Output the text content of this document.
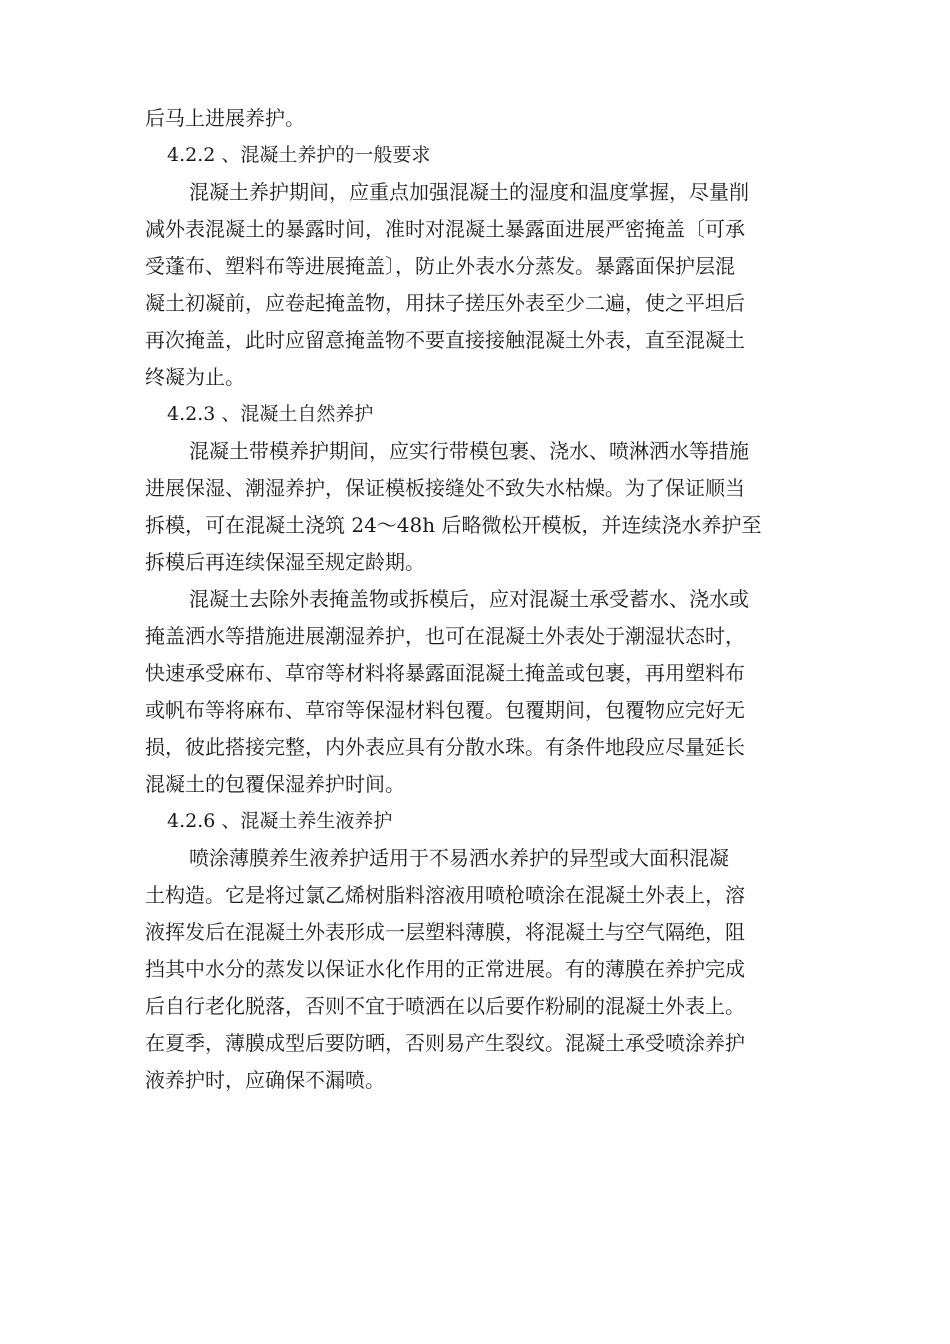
后马上进展养护。
4.2.2 、混凝土养护的一般要求
混凝土养护期间，应重点加强混凝土的湿度和温度掌握，尽量削
减外表混凝土的暴露时间，准时对混凝土暴露面进展严密掩盖〔可承
受蓬布、塑料布等进展掩盖〕，防止外表水分蒸发。暴露面保护层混
凝土初凝前，应卷起掩盖物，用抹子搓压外表至少二遍，使之平坦后
再次掩盖，此时应留意掩盖物不要直接接触混凝土外表，直至混凝土
终凝为止。
4.2.3 、混凝土自然养护
混凝土带模养护期间，应实行带模包裹、浇水、喷淋洒水等措施
进展保湿、潮湿养护，保证模板接缝处不致失水枯燥。为了保证顺当
拆模，可在混凝土浇筑 24～48h 后略微松开模板，并连续浇水养护至
拆模后再连续保湿至规定龄期。
混凝土去除外表掩盖物或拆模后，应对混凝土承受蓄水、浇水或
掩盖洒水等措施进展潮湿养护，也可在混凝土外表处于潮湿状态时，
快速承受麻布、草帘等材料将暴露面混凝土掩盖或包裹，再用塑料布
或帆布等将麻布、草帘等保湿材料包覆。包覆期间，包覆物应完好无
损，彼此搭接完整，内外表应具有分散水珠。有条件地段应尽量延长
混凝土的包覆保湿养护时间。
4.2.6 、混凝土养生液养护
喷涂薄膜养生液养护适用于不易洒水养护的异型或大面积混凝
土构造。它是将过氯乙烯树脂料溶液用喷枪喷涂在混凝土外表上，溶
液挥发后在混凝土外表形成一层塑料薄膜，将混凝土与空气隔绝，阻
挡其中水分的蒸发以保证水化作用的正常进展。有的薄膜在养护完成
后自行老化脱落，否则不宜于喷洒在以后要作粉刷的混凝土外表上。
在夏季，薄膜成型后要防晒，否则易产生裂纹。混凝土承受喷涂养护
液养护时，应确保不漏喷。
